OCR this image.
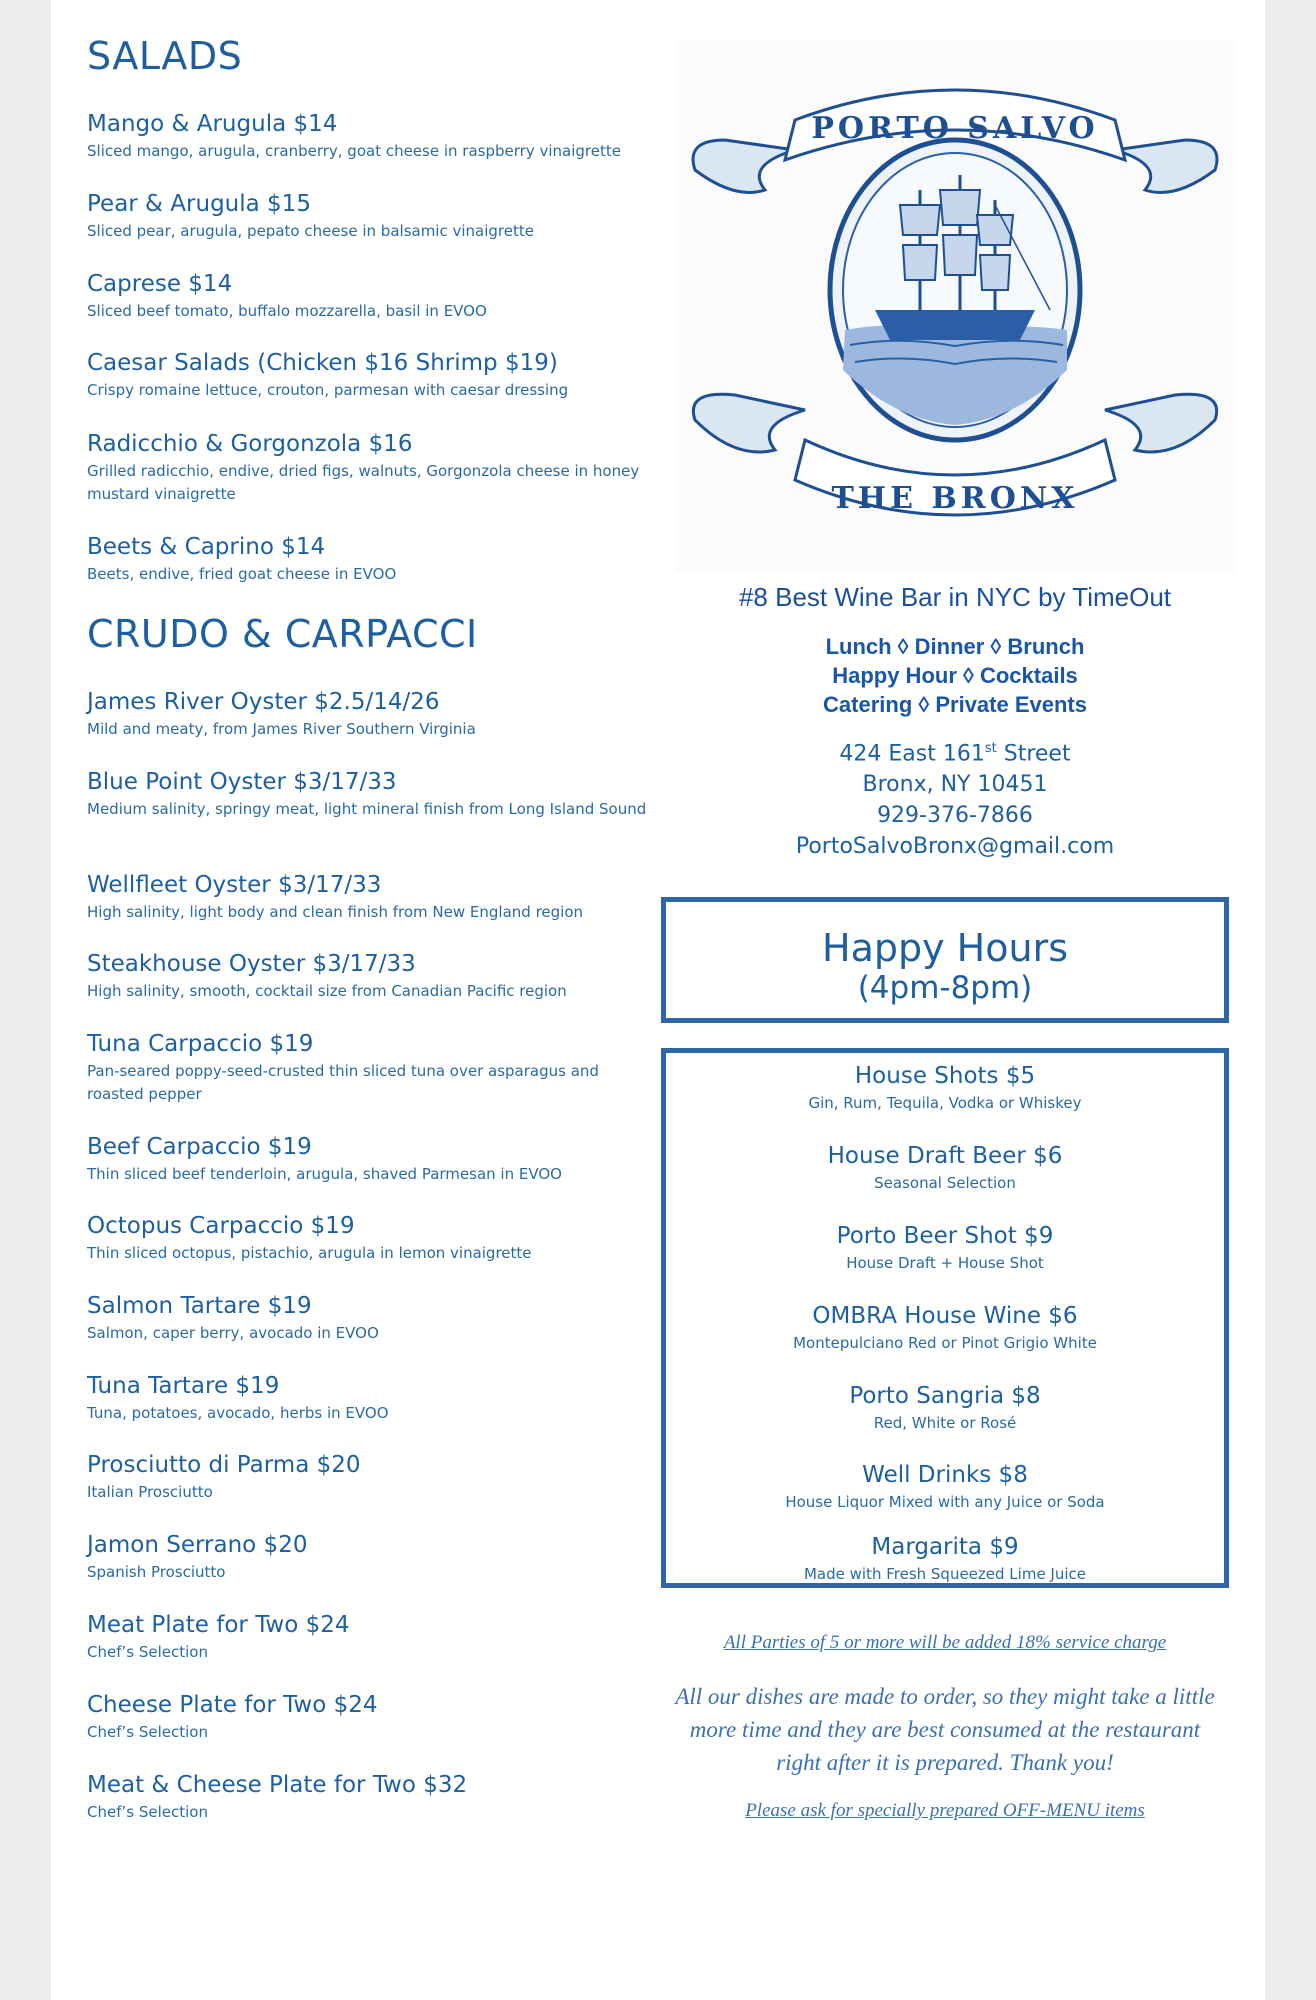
SALADS
Mango & Arugula $14
Sliced mango, arugula, cranberry, goat cheese in raspberry vinaigrette
Pear & Arugula $15
Sliced pear, arugula, pepato cheese in balsamic vinaigrette
Caprese $14
Sliced beef tomato, buffalo mozzarella, basil in EVOO
Caesar Salads (Chicken $16 Shrimp $19)
Crispy romaine lettuce, crouton, parmesan with caesar dressing
Radicchio & Gorgonzola $16
Grilled radicchio, endive, dried figs, walnuts, Gorgonzola cheese in honey mustard vinaigrette
Beets & Caprino $14
Beets, endive, fried goat cheese in EVOO
CRUDO & CARPACCI
James River Oyster $2.5/14/26
Mild and meaty, from James River Southern Virginia
Blue Point Oyster $3/17/33
Medium salinity, springy meat, light mineral finish from Long Island Sound
Wellfleet Oyster $3/17/33
High salinity, light body and clean finish from New England region
Steakhouse Oyster $3/17/33
High salinity, smooth, cocktail size from Canadian Pacific region
Tuna Carpaccio $19
Pan-seared poppy-seed-crusted thin sliced tuna over asparagus and roasted pepper
Beef Carpaccio $19
Thin sliced beef tenderloin, arugula, shaved Parmesan in EVOO
Octopus Carpaccio $19
Thin sliced octopus, pistachio, arugula in lemon vinaigrette
Salmon Tartare $19
Salmon, caper berry, avocado in EVOO
Tuna Tartare $19
Tuna, potatoes, avocado, herbs in EVOO
Prosciutto di Parma $20
Italian Prosciutto
Jamon Serrano $20
Spanish Prosciutto
Meat Plate for Two $24
Chef’s Selection
Cheese Plate for Two $24
Chef’s Selection
Meat & Cheese Plate for Two $32
Chef’s Selection
PORTO SALVO
THE BRONX
#8 Best Wine Bar in NYC by TimeOut
Lunch ◊ Dinner ◊ Brunch
Happy Hour ◊ Cocktails
Catering ◊ Private Events
424 East 161st Street
Bronx, NY 10451
929-376-7866
PortoSalvoBronx@gmail.com
Happy Hours
(4pm-8pm)
House Shots $5
Gin, Rum, Tequila, Vodka or Whiskey
House Draft Beer $6
Seasonal Selection
Porto Beer Shot $9
House Draft + House Shot
OMBRA House Wine $6
Montepulciano Red or Pinot Grigio White
Porto Sangria $8
Red, White or Rosé
Well Drinks $8
House Liquor Mixed with any Juice or Soda
Margarita $9
Made with Fresh Squeezed Lime Juice
All Parties of 5 or more will be added 18% service charge
All our dishes are made to order, so they might take a little more time and they are best consumed at the restaurant right after it is prepared. Thank you!
Please ask for specially prepared OFF-MENU items
